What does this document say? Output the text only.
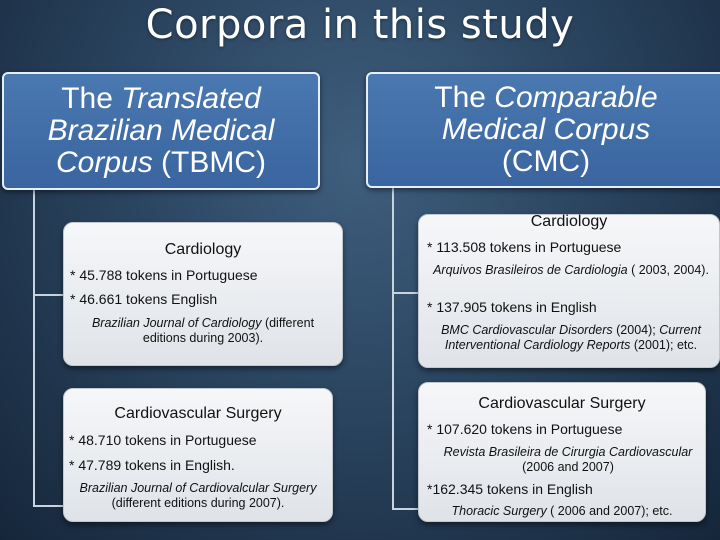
Corpora in this study
The Translated
Brazilian Medical
Corpus (TBMC)
The Comparable
Medical Corpus
(CMC)
Cardiology
* 45.788 tokens in Portuguese
* 46.661 tokens English
Brazilian Journal of Cardiology (different editions during 2003).
Cardiovascular Surgery
* 48.710 tokens in Portuguese
* 47.789 tokens in English.
Brazilian Journal of Cardiovalcular Surgery (different editions during 2007).
Cardiology
* 113.508 tokens in Portuguese
Arquivos Brasileiros de Cardiologia ( 2003, 2004).
* 137.905 tokens in English
BMC Cardiovascular Disorders (2004); Current Interventional Cardiology Reports (2001); etc.
Cardiovascular Surgery
* 107.620 tokens in Portuguese
Revista Brasileira de Cirurgia Cardiovascular (2006 and 2007)
*162.345 tokens in English
Thoracic Surgery ( 2006 and 2007); etc.
